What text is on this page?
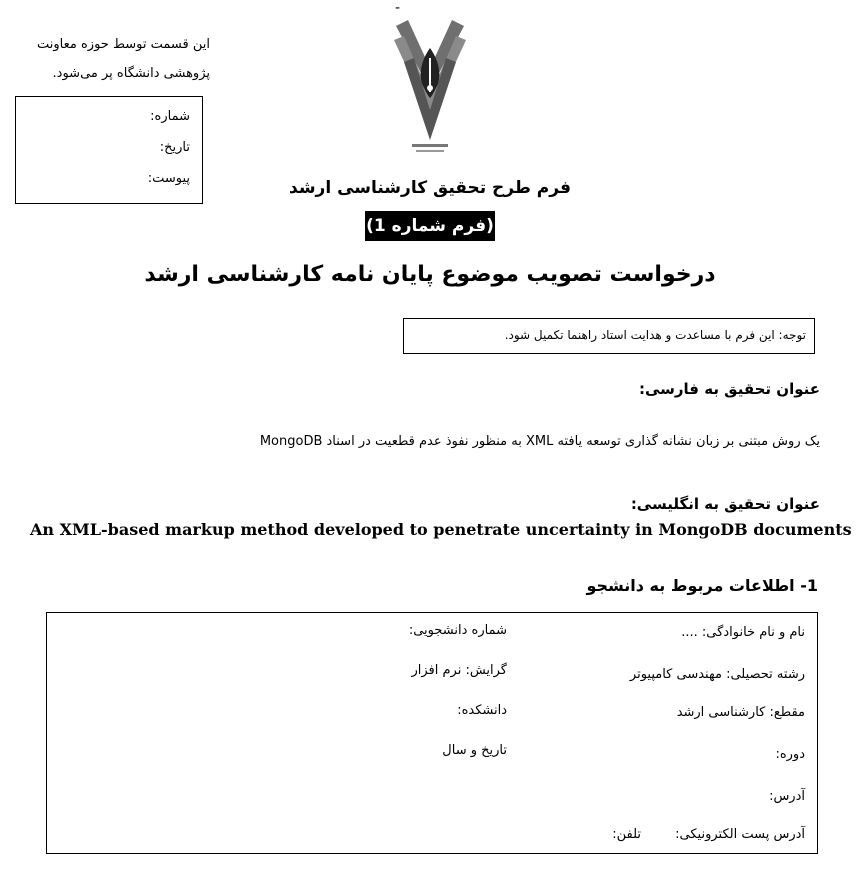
-
این قسمت توسط حوزه معاونت
پژوهشی دانشگاه پر می‌شود.
شماره:
تاریخ:
پیوست:	فرم طرح تحقیق کارشناسی ارشد
(فرم شماره 1)
درخواست تصویب موضوع پایان نامه کارشناسی ارشد
توجه: این فرم با مساعدت و هدایت استاد راهنما تکمیل شود.
عنوان تحقیق به فارسی:
یک روش مبتنی بر زبان نشانه گذاری توسعه یافته XML به منظور نفوذ عدم قطعیت در اسناد MongoDB
عنوان تحقیق به انگلیسی:
An XML-based markup method developed to penetrate uncertainty in MongoDB documents
1- اطلاعات مربوط به دانشجو
نام و نام خانوادگی: ....
شماره دانشجویی:
رشته تحصیلی: مهندسی کامپیوتر
گرایش: نرم افزار
مقطع: کارشناسی ارشد
دانشکده:
دوره:
تاریخ و سال
آدرس:
آدرس پست الکترونیکی:
تلفن:
